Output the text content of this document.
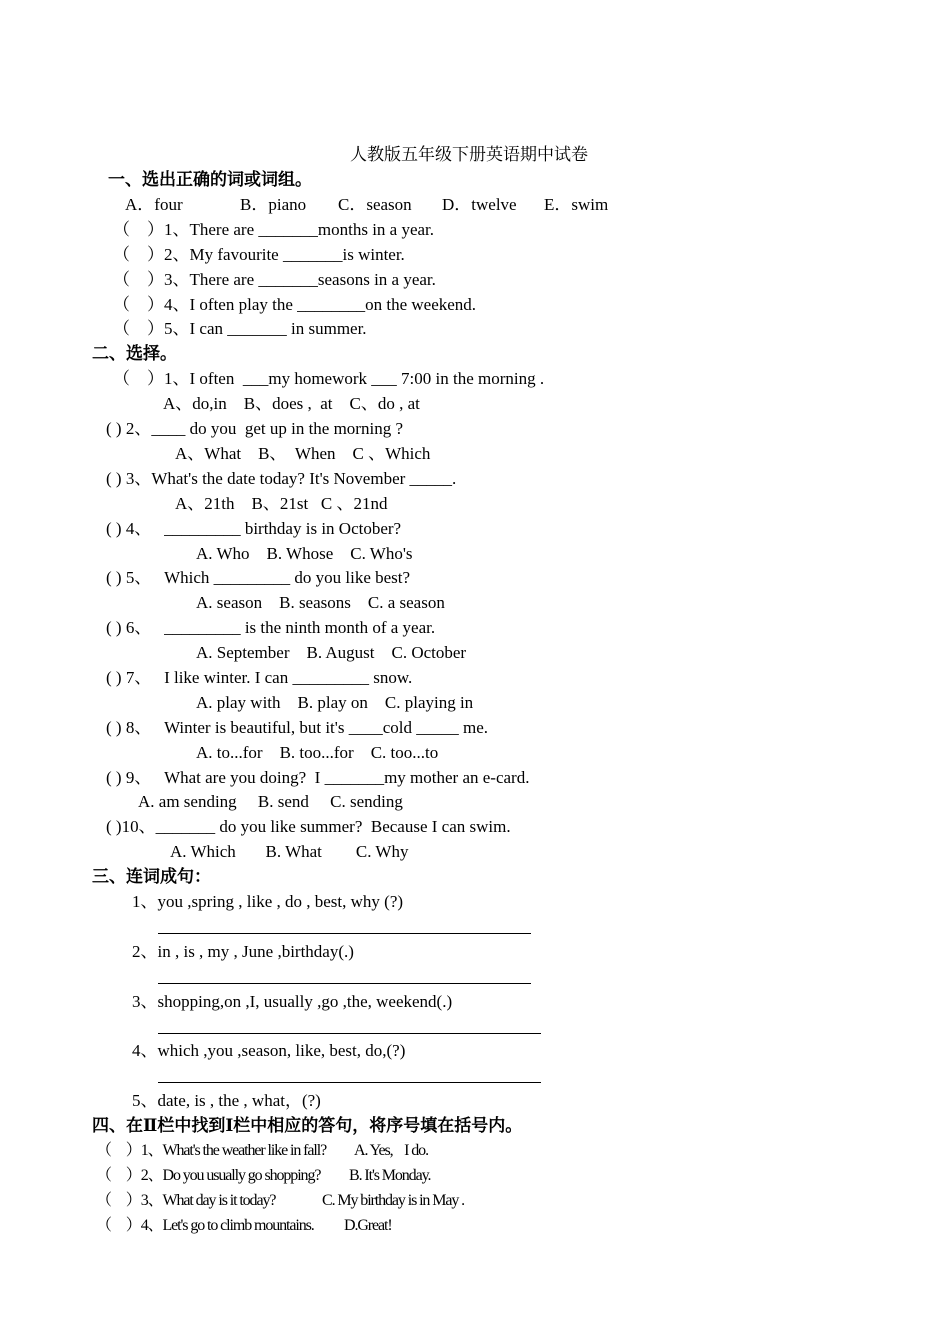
人教版五年级下册英语期中试卷
一、选出正确的词或词组。
A．four	B．piano C．season D．twelve E．swim
（　）1、There are _______months in a year.
（　）2、My favourite _______is winter.
（　）3、There are _______seasons in a year.
（　）4、I often play the ________on the weekend.
（　）5、I can _______ in summer.
二、选择。
（　）1、I often  ___my homework ___ 7:00 in the morning .
A、do,in    B、does ,  at    C、do , at
( ) 2、____ do you  get up in the morning ?
A、What    B、  When    C 、Which
( ) 3、What's the date today? It's November _____.
A、21th    B、21st   C 、21nd
( ) 4、   _________ birthday is in October?
A. Who    B. Whose    C. Who's
( ) 5、   Which _________ do you like best?
A. season    B. seasons    C. a season
( ) 6、   _________ is the ninth month of a year.
A. September    B. August    C. October
( ) 7、   I like winter. I can _________ snow.
A. play with    B. play on    C. playing in
( ) 8、   Winter is beautiful, but it's ____cold _____ me.
A. to...for    B. too...for    C. too...to
( ) 9、   What are you doing?  I _______my mother an e-card.
A. am sending     B. send     C. sending
( )10、_______ do you like summer?  Because I can swim.
A. Which       B. What        C. Why
三、连词成句：
1、you ,spring , like , do , best, why (?)
2、in , is , my , June ,birthday(.)
3、shopping,on ,I, usually ,go ,the, weekend(.)
4、which ,you ,season, like, best, do,(?)
5、date, is , the , what，(?)
四、在Ⅱ栏中找到Ⅰ栏中相应的答句，将序号填在括号内。
（　）1、What's the weather like in fall? A. Yes,    I do.
（　）2、Do you usually go shopping? B. It's Monday.
（　）3、What day is it today?	C. My birthday is in May .
（　）4、Let's go to climb mountains. D.Great!
